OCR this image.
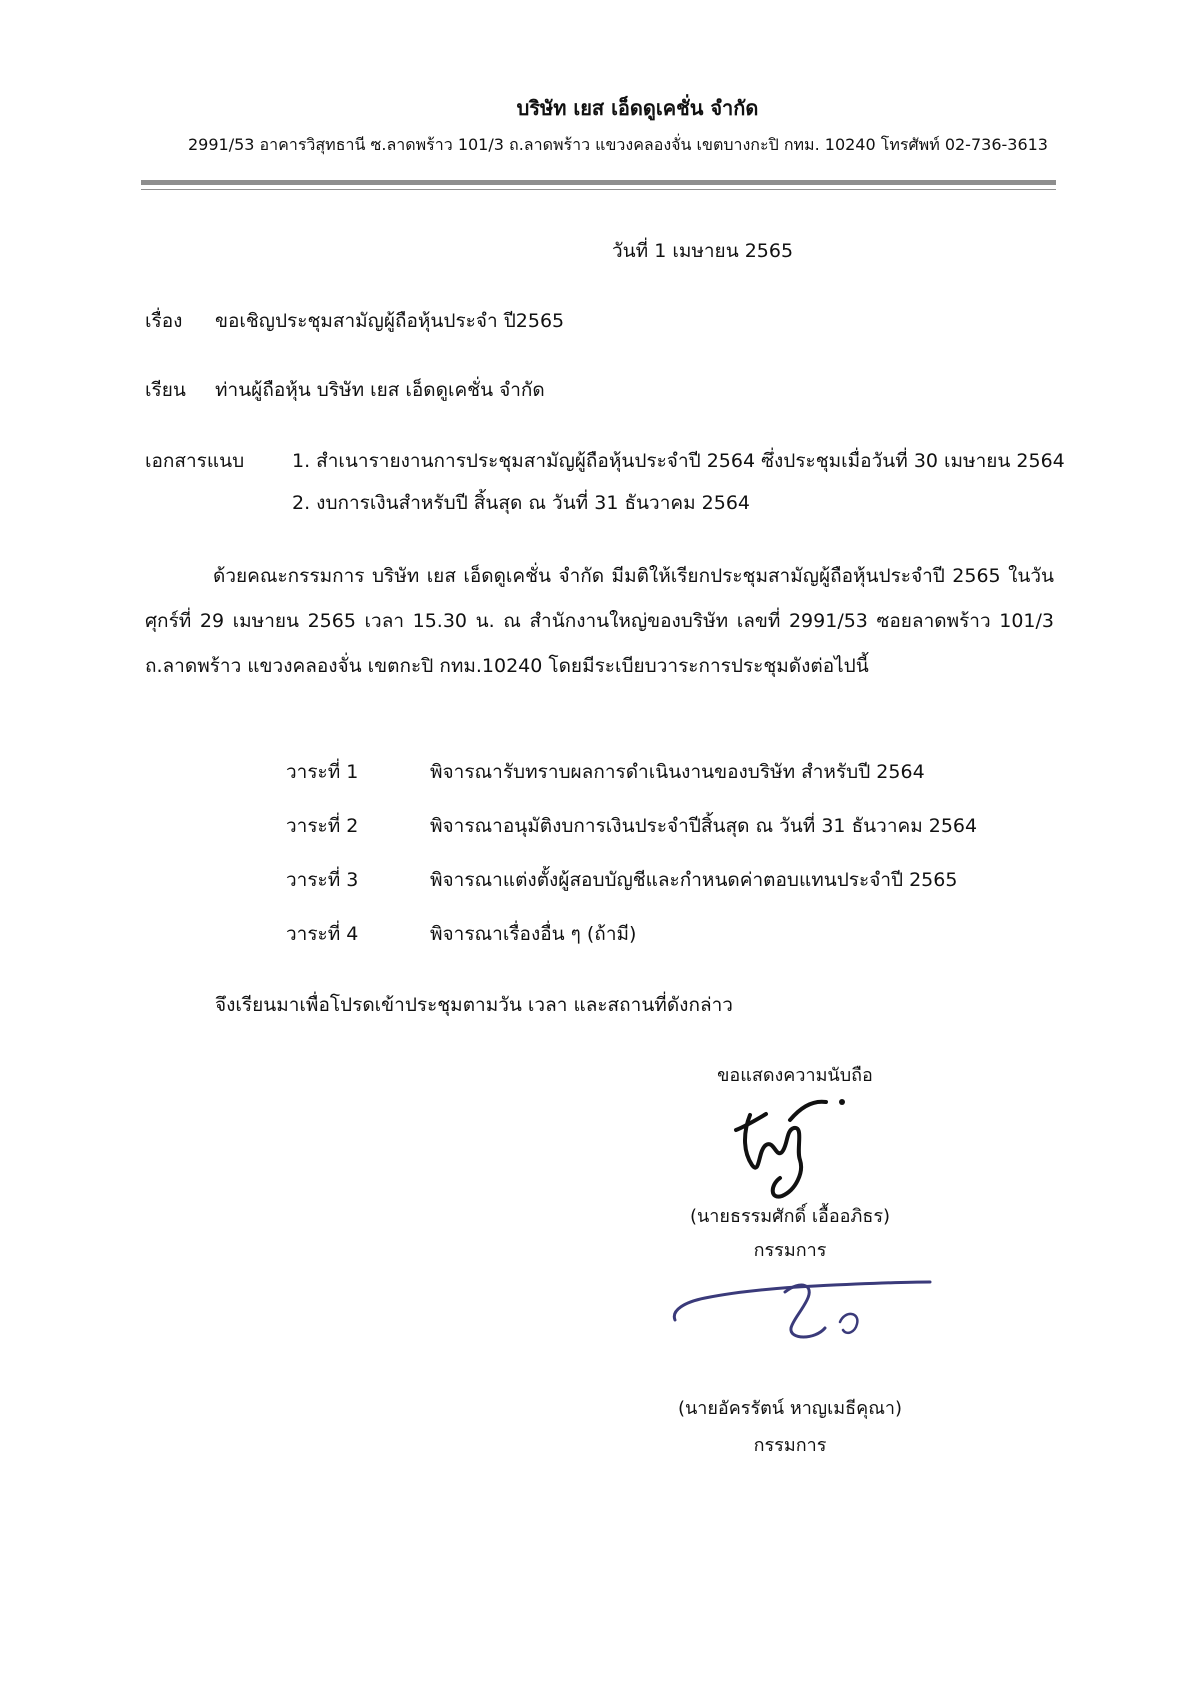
บริษัท เยส เอ็ดดูเคชั่น จำกัด
2991/53 อาคารวิสุทธานี ซ.ลาดพร้าว 101/3 ถ.ลาดพร้าว แขวงคลองจั่น เขตบางกะปิ กทม. 10240 โทรศัพท์ 02-736-3613
วันที่ 1 เมษายน 2565
เรื่อง ขอเชิญประชุมสามัญผู้ถือหุ้นประจำ ปี2565
เรียน ท่านผู้ถือหุ้น บริษัท เยส เอ็ดดูเคชั่น จำกัด
เอกสารแนบ	1. สำเนารายงานการประชุมสามัญผู้ถือหุ้นประจำปี 2564 ซึ่งประชุมเมื่อวันที่ 30 เมษายน 2564
2. งบการเงินสำหรับปี สิ้นสุด ณ วันที่ 31 ธันวาคม 2564

ด้วยคณะกรรมการ บริษัท เยส เอ็ดดูเคชั่น จำกัด มีมติให้เรียกประชุมสามัญผู้ถือหุ้นประจำปี 2565 ในวันศุกร์ที่ 29 เมษายน 2565 เวลา 15.30 น. ณ สำนักงานใหญ่ของบริษัท เลขที่ 2991/53 ซอยลาดพร้าว 101/3 ถ.ลาดพร้าว แขวงคลองจั่น เขตกะปิ กทม.10240 โดยมีระเบียบวาระการประชุมดังต่อไปนี้

วาระที่ 1	พิจารณารับทราบผลการดำเนินงานของบริษัท สำหรับปี 2564
วาระที่ 2	พิจารณาอนุมัติงบการเงินประจำปีสิ้นสุด ณ วันที่ 31 ธันวาคม 2564
วาระที่ 3	พิจารณาแต่งตั้งผู้สอบบัญชีและกำหนดค่าตอบแทนประจำปี 2565
วาระที่ 4	พิจารณาเรื่องอื่น ๆ (ถ้ามี)
จึงเรียนมาเพื่อโปรดเข้าประชุมตามวัน เวลา และสถานที่ดังกล่าว
ขอแสดงความนับถือ
(นายธรรมศักดิ์ เอื้ออภิธร)
กรรมการ
(นายอัครรัตน์ หาญเมธีคุณา)
กรรมการ
